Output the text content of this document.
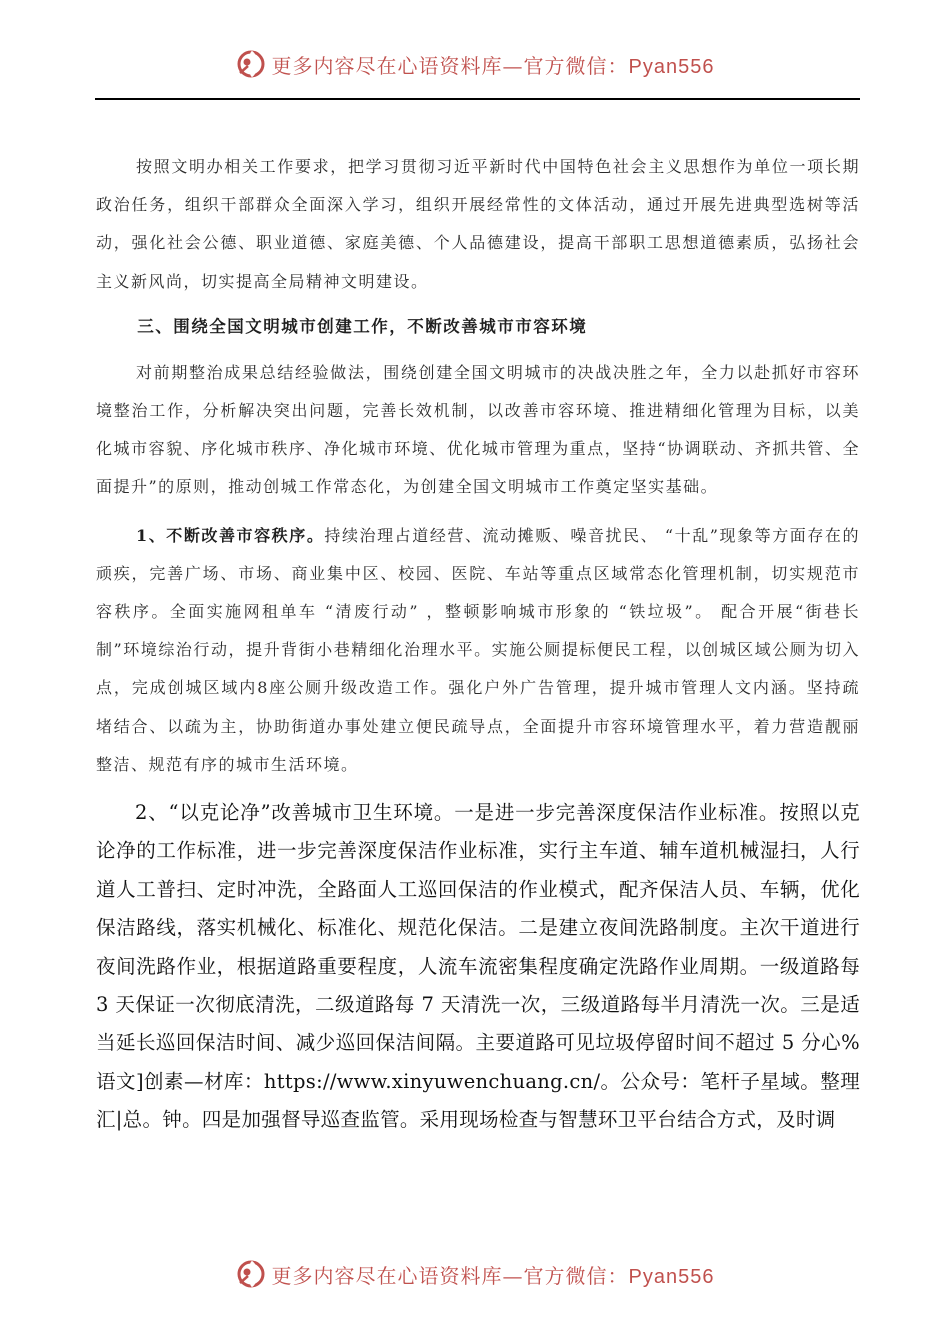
更多内容尽在心语资料库—官方微信：Pyan556

按照文明办相关工作要求，把学习贯彻习近平新时代中国特色社会主义思想作为单位一项长期政治任务，组织干部群众全面深入学习，组织开展经常性的文体活动，通过开展先进典型选树等活动，强化社会公德、职业道德、家庭美德、个人品德建设，提高干部职工思想道德素质，弘扬社会主义新风尚，切实提高全局精神文明建设。

三、围绕全国文明城市创建工作，不断改善城市市容环境

对前期整治成果总结经验做法，围绕创建全国文明城市的决战决胜之年，全力以赴抓好市容环境整治工作，分析解决突出问题，完善长效机制，以改善市容环境、推进精细化管理为目标，以美化城市容貌、序化城市秩序、净化城市环境、优化城市管理为重点，坚持“协调联动、齐抓共管、全面提升”的原则，推动创城工作常态化，为创建全国文明城市工作奠定坚实基础。

1、不断改善市容秩序。持续治理占道经营、流动摊贩、噪音扰民、 “十乱”现象等方面存在的顽疾，完善广场、市场、商业集中区、校园、医院、车站等重点区域常态化管理机制，切实规范市容秩序。全面实施网租单车 “清废行动” ，整顿影响城市形象的 “铁垃圾”。 配合开展“街巷长制”环境综治行动，提升背街小巷精细化治理水平。实施公厕提标便民工程，以创城区域公厕为切入点，完成创城区域内8座公厕升级改造工作。强化户外广告管理，提升城市管理人文内涵。坚持疏堵结合、以疏为主，协助街道办事处建立便民疏导点，全面提升市容环境管理水平，着力营造靓丽整洁、规范有序的城市生活环境。

2、“以克论净”改善城市卫生环境。一是进一步完善深度保洁作业标准。按照以克论净的工作标准，进一步完善深度保洁作业标准，实行主车道、辅车道机械湿扫，人行道人工普扫、定时冲洗，全路面人工巡回保洁的作业模式，配齐保洁人员、车辆，优化保洁路线，落实机械化、标准化、规范化保洁。二是建立夜间洗路制度。主次干道进行夜间洗路作业，根据道路重要程度，人流车流密集程度确定洗路作业周期。一级道路每 3 天保证一次彻底清洗，二级道路每 7 天清洗一次，三级道路每半月清洗一次。三是适当延长巡回保洁时间、减少巡回保洁间隔。主要道路可见垃圾停留时间不超过 5 分心%语文]创素—材库：https://www.xinyuwenchuang.cn/。公众号：笔杆子星域。整理汇|总。钟。四是加强督导巡查监管。采用现场检查与智慧环卫平台结合方式，及时调

更多内容尽在心语资料库—官方微信：Pyan556
